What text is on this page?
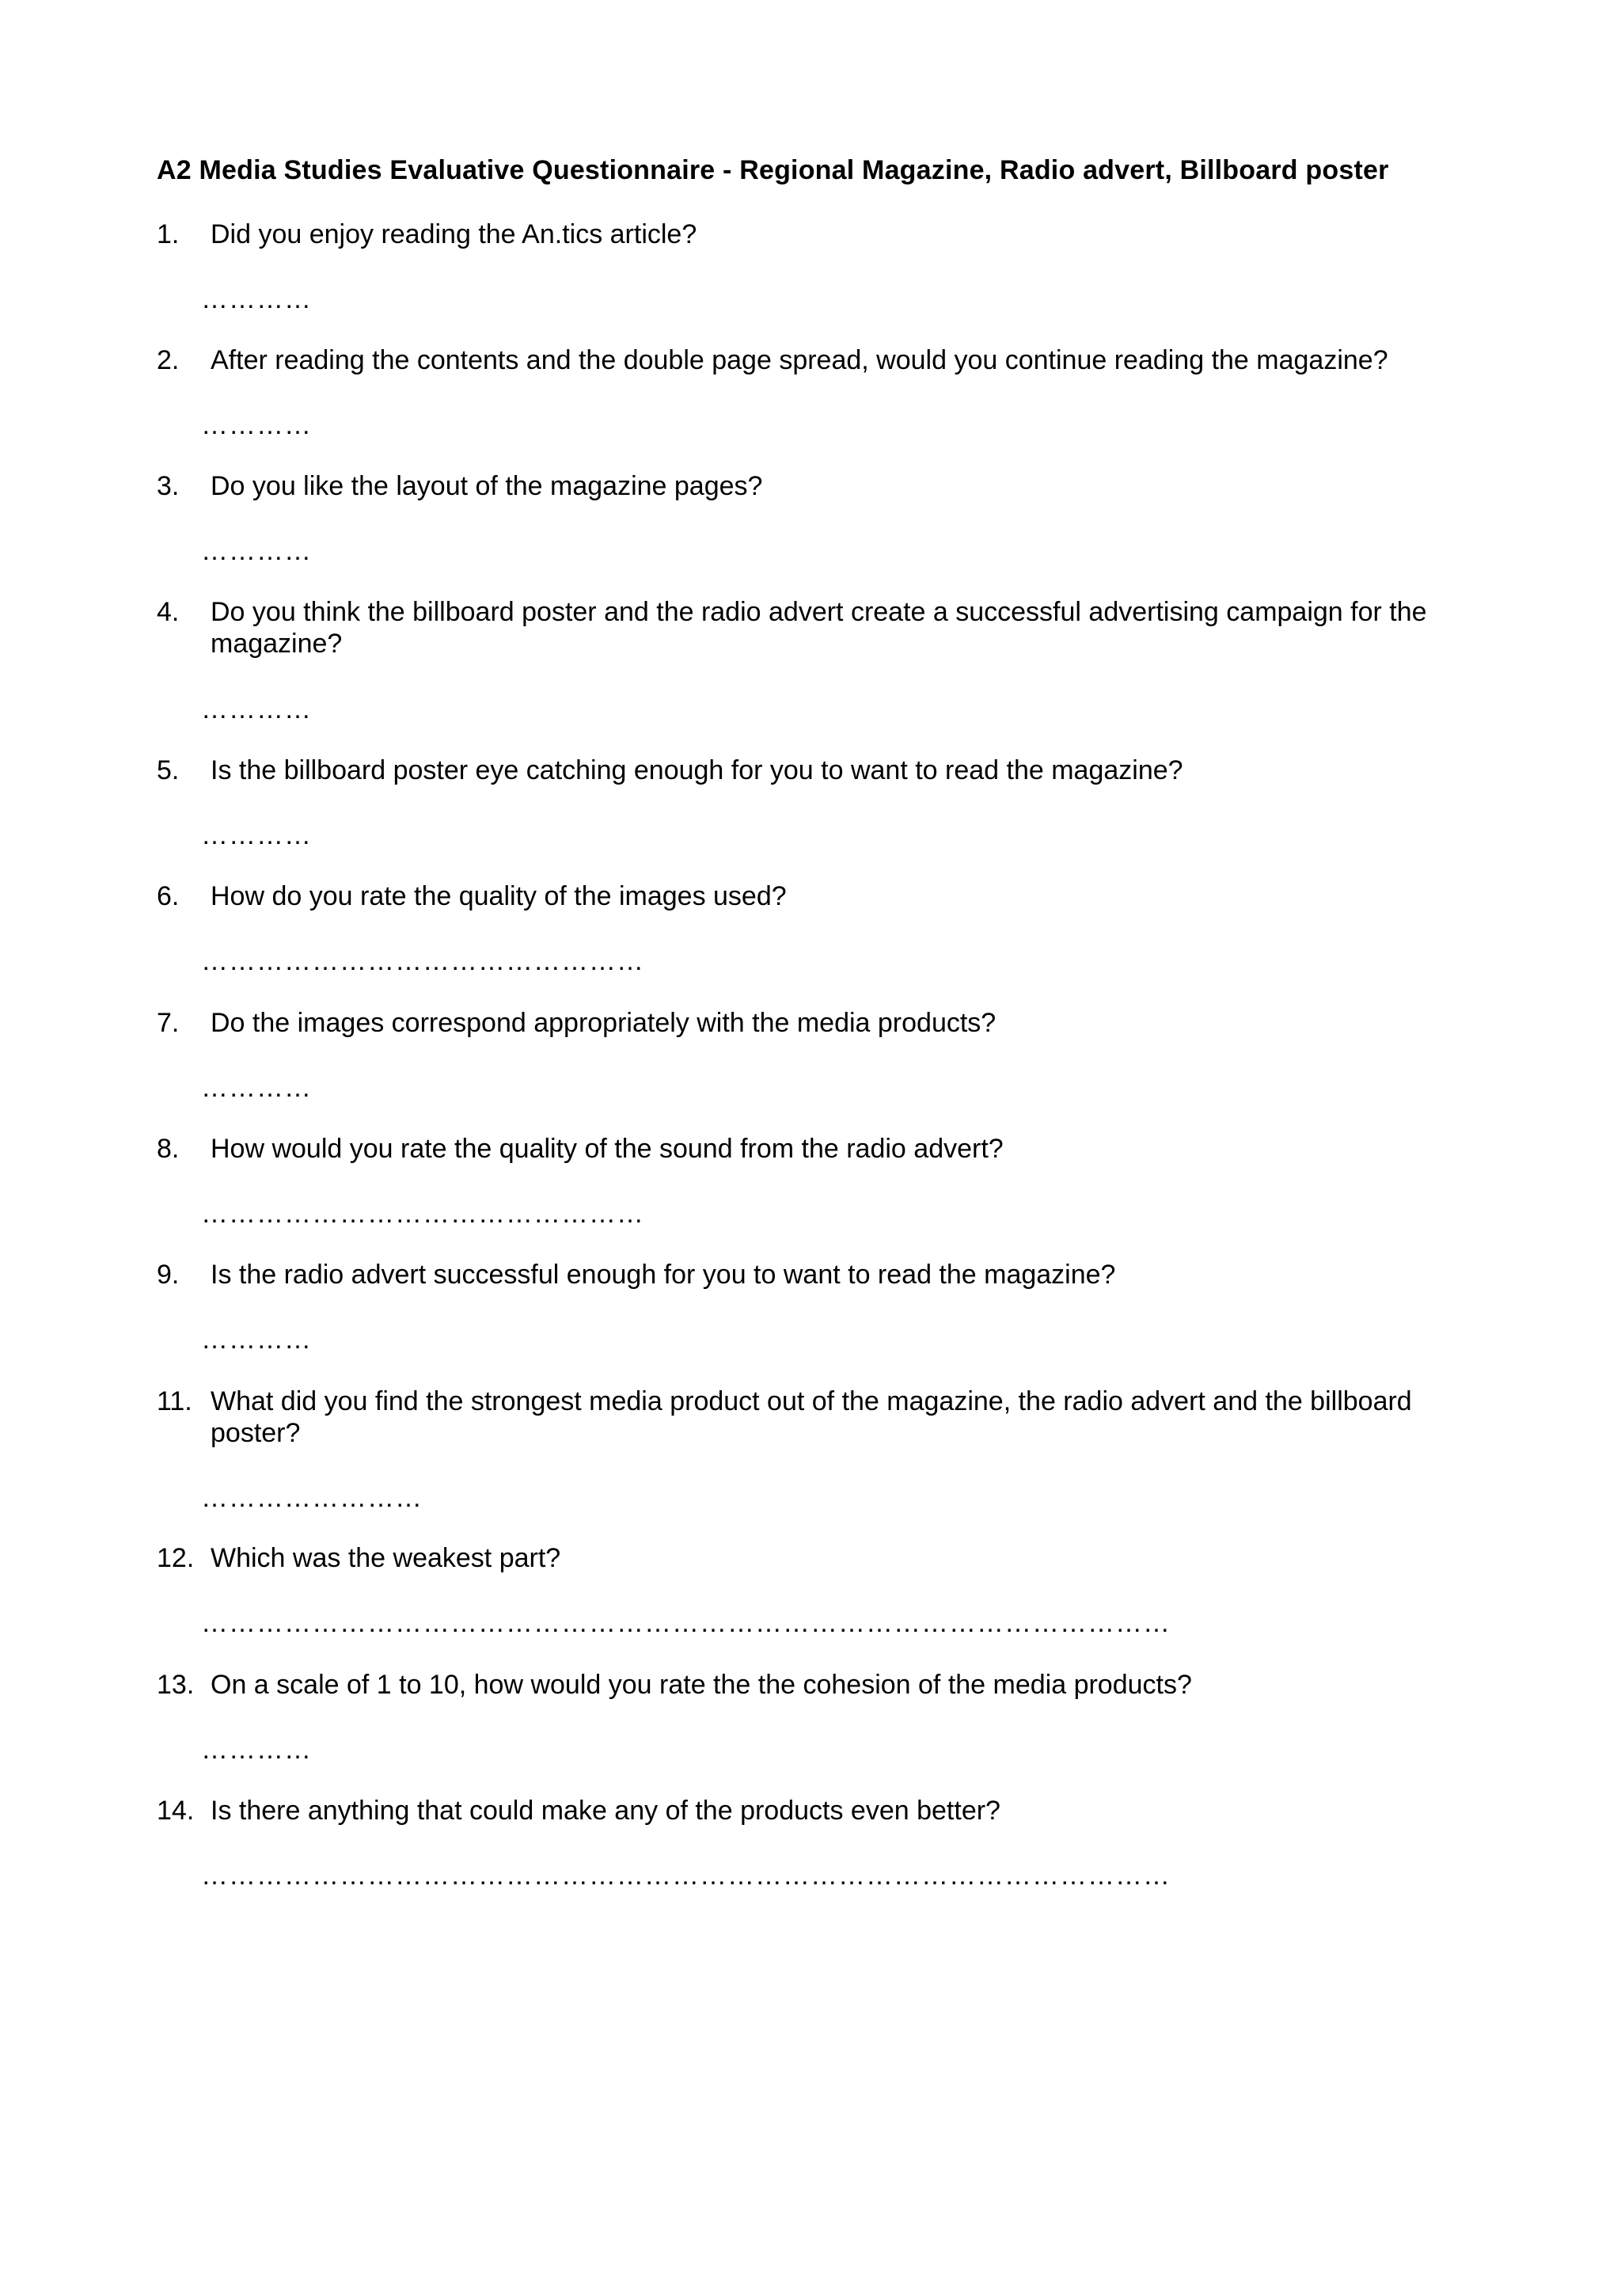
A2 Media Studies Evaluative Questionnaire - Regional Magazine, Radio advert, Billboard poster
1. Did you enjoy reading the An.tics article?
…………
2. After reading the contents and the double page spread, would you continue reading the magazine?
…………
3. Do you like the layout of the magazine pages?
…………
4. Do you think the billboard poster and the radio advert create a successful advertising campaign for the magazine?
…………
5. Is the billboard poster eye catching enough for you to want to read the magazine?
…………
6. How do you rate the quality of the images used?
…………………………………………
7. Do the images correspond appropriately with the media products?
…………
8. How would you rate the quality of the sound from the radio advert?
…………………………………………
9. Is the radio advert successful enough for you to want to read the magazine?
…………
11. What did you find the strongest media product out of the magazine, the radio advert and the billboard poster?
……………………
12. Which was the weakest part?
……………………………………………………………………………………………
13. On a scale of 1 to 10, how would you rate the the cohesion of the media products?
…………
14. Is there anything that could make any of the products even better?
……………………………………………………………………………………………
